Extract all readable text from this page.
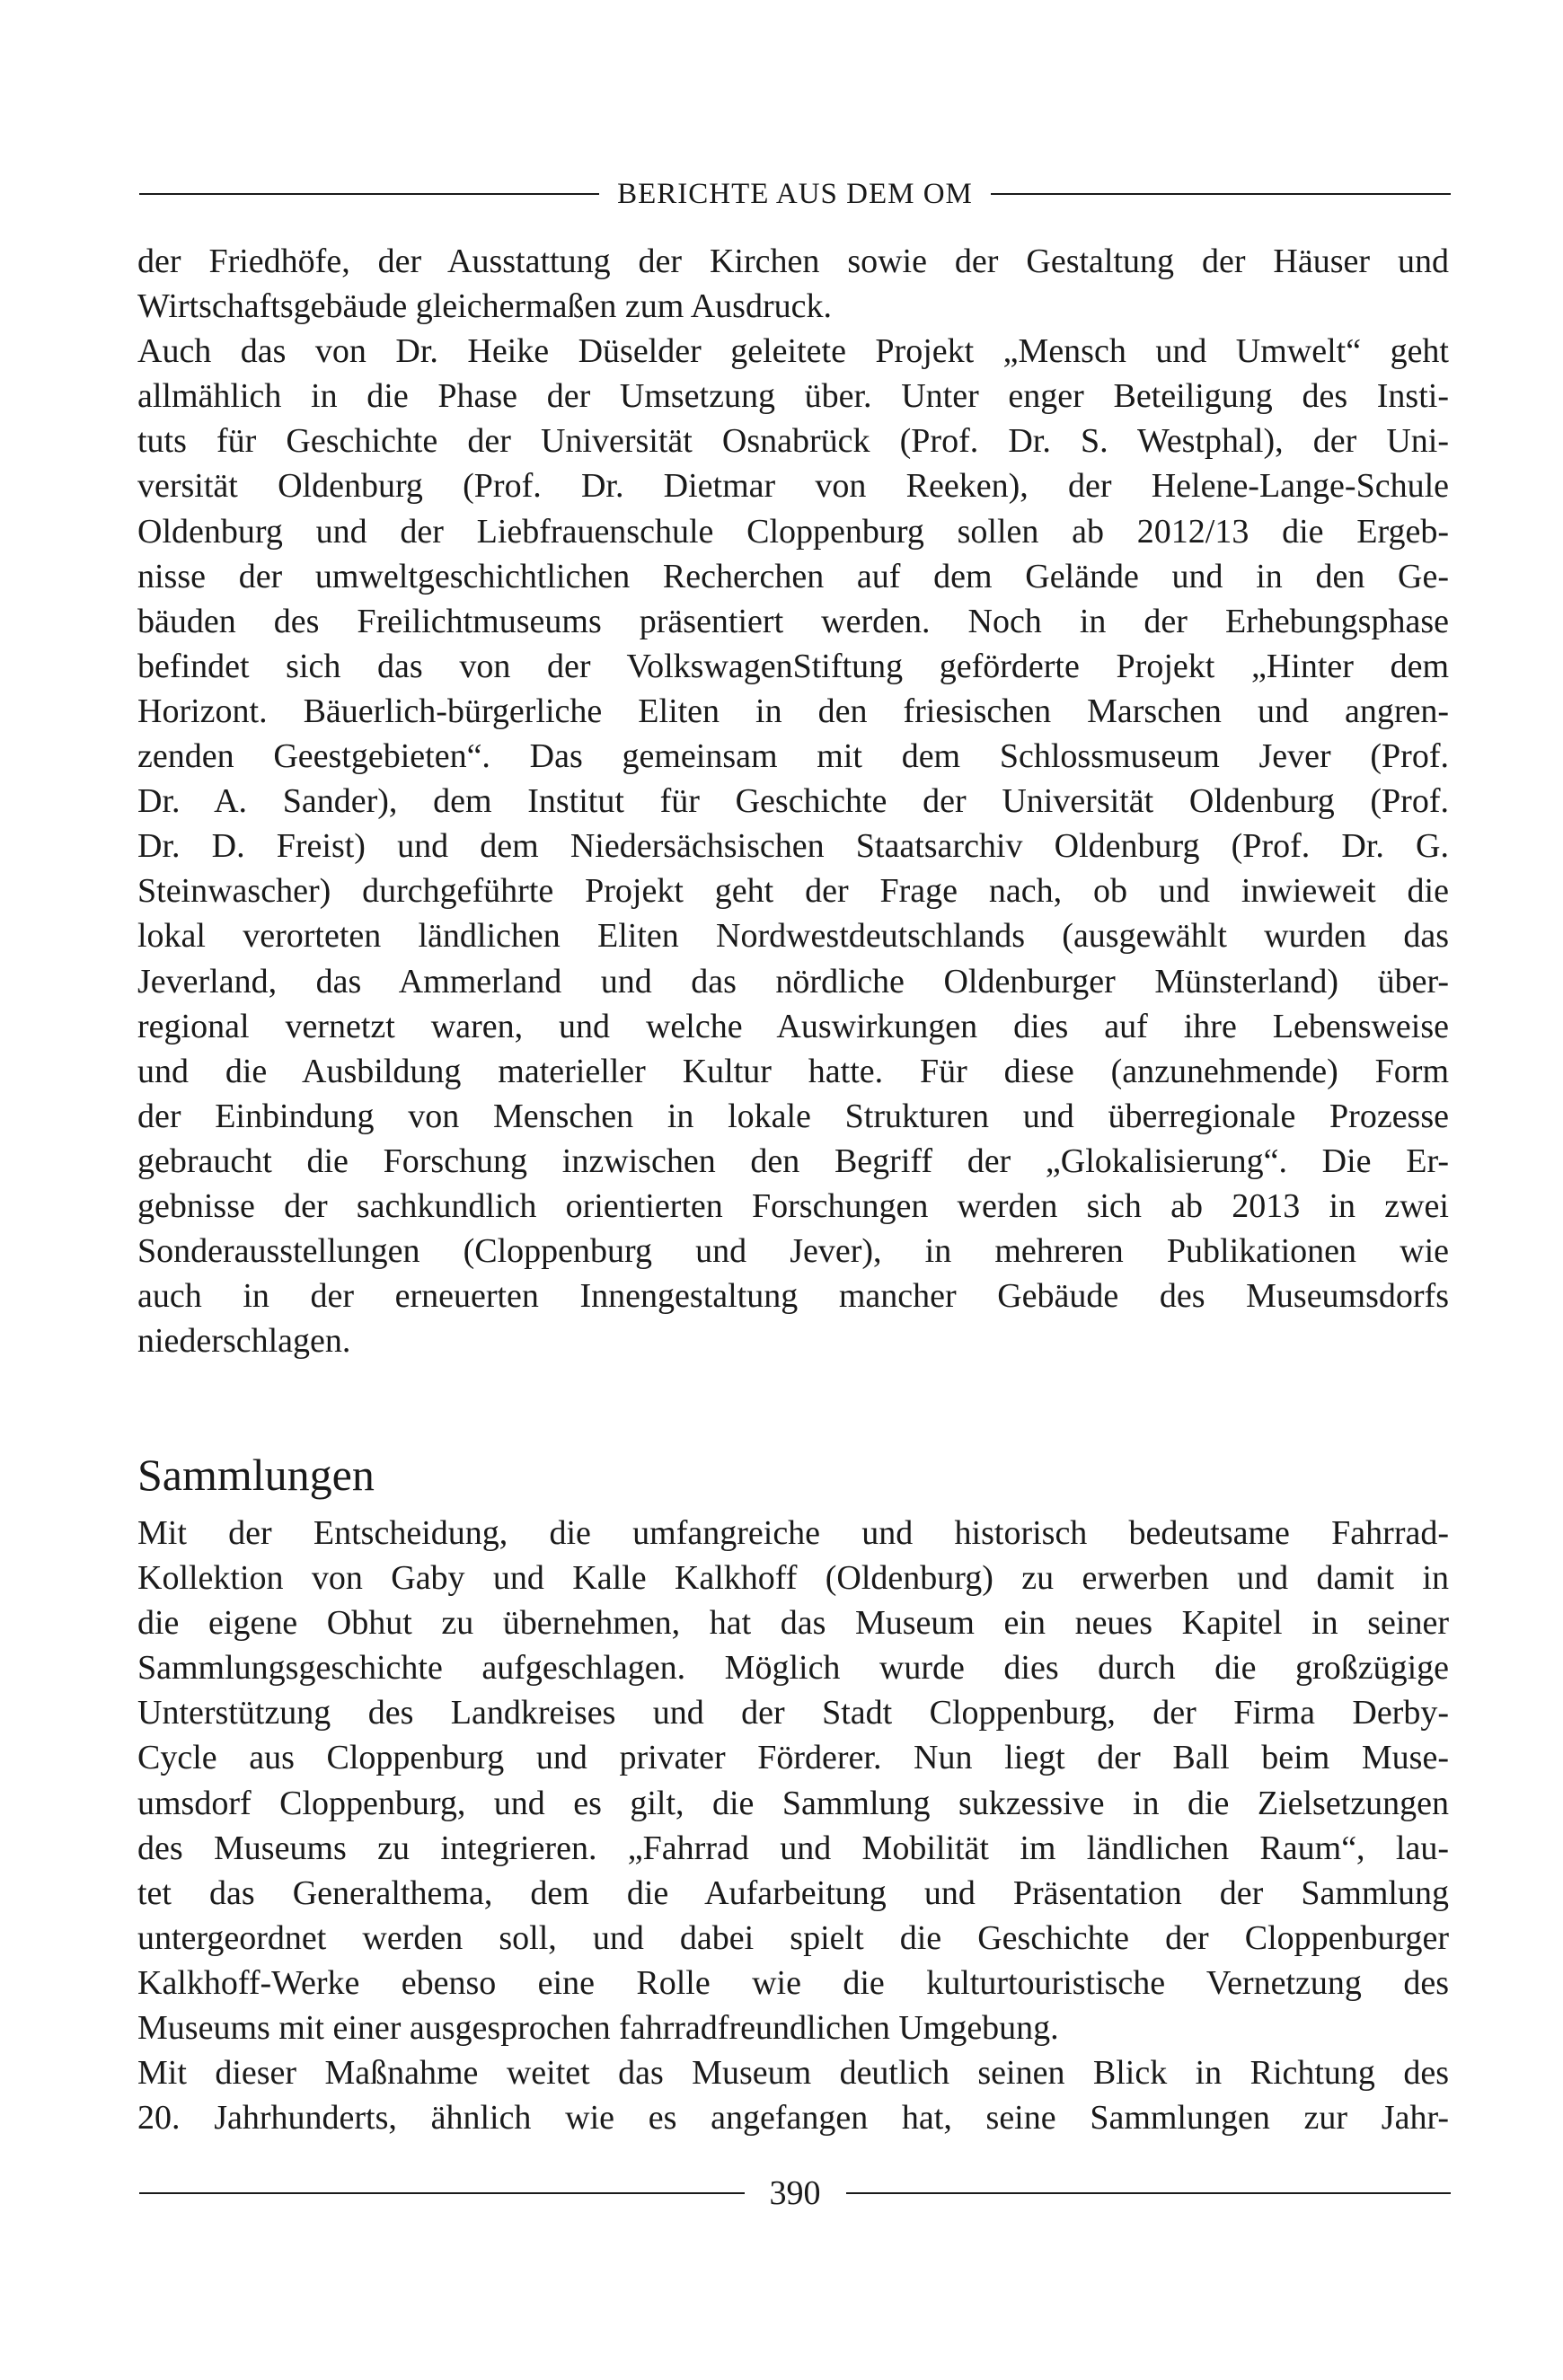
BERICHTE AUS DEM OM
der Friedhöfe, der Ausstattung der Kirchen sowie der Gestaltung der Häuser und
Wirtschaftsgebäude gleichermaßen zum Ausdruck.
Auch das von Dr. Heike Düselder geleitete Projekt „Mensch und Umwelt“ geht
allmählich in die Phase der Umsetzung über. Unter enger Beteiligung des Insti-
tuts für Geschichte der Universität Osnabrück (Prof. Dr. S. Westphal), der Uni-
versität Oldenburg (Prof. Dr. Dietmar von Reeken), der Helene-Lange-Schule
Oldenburg und der Liebfrauenschule Cloppenburg sollen ab 2012/13 die Ergeb-
nisse der umweltgeschichtlichen Recherchen auf dem Gelände und in den Ge-
bäuden des Freilichtmuseums präsentiert werden. Noch in der Erhebungsphase
befindet sich das von der VolkswagenStiftung geförderte Projekt „Hinter dem
Horizont. Bäuerlich-bürgerliche Eliten in den friesischen Marschen und angren-
zenden Geestgebieten“. Das gemeinsam mit dem Schlossmuseum Jever (Prof.
Dr. A. Sander), dem Institut für Geschichte der Universität Oldenburg (Prof.
Dr. D. Freist) und dem Niedersächsischen Staatsarchiv Oldenburg (Prof. Dr. G.
Steinwascher) durchgeführte Projekt geht der Frage nach, ob und inwieweit die
lokal verorteten ländlichen Eliten Nordwestdeutschlands (ausgewählt wurden das
Jeverland, das Ammerland und das nördliche Oldenburger Münsterland) über-
regional vernetzt waren, und welche Auswirkungen dies auf ihre Lebensweise
und die Ausbildung materieller Kultur hatte. Für diese (anzunehmende) Form
der Einbindung von Menschen in lokale Strukturen und überregionale Prozesse
gebraucht die Forschung inzwischen den Begriff der „Glokalisierung“. Die Er-
gebnisse der sachkundlich orientierten Forschungen werden sich ab 2013 in zwei
Sonderausstellungen (Cloppenburg und Jever), in mehreren Publikationen wie
auch in der erneuerten Innengestaltung mancher Gebäude des Museumsdorfs
niederschlagen.
Sammlungen
Mit der Entscheidung, die umfangreiche und historisch bedeutsame Fahrrad-
Kollektion von Gaby und Kalle Kalkhoff (Oldenburg) zu erwerben und damit in
die eigene Obhut zu übernehmen, hat das Museum ein neues Kapitel in seiner
Sammlungsgeschichte aufgeschlagen. Möglich wurde dies durch die großzügige
Unterstützung des Landkreises und der Stadt Cloppenburg, der Firma Derby-
Cycle aus Cloppenburg und privater Förderer. Nun liegt der Ball beim Muse-
umsdorf Cloppenburg, und es gilt, die Sammlung sukzessive in die Zielsetzungen
des Museums zu integrieren. „Fahrrad und Mobilität im ländlichen Raum“, lau-
tet das Generalthema, dem die Aufarbeitung und Präsentation der Sammlung
untergeordnet werden soll, und dabei spielt die Geschichte der Cloppenburger
Kalkhoff-Werke ebenso eine Rolle wie die kulturtouristische Vernetzung des
Museums mit einer ausgesprochen fahrradfreundlichen Umgebung.
Mit dieser Maßnahme weitet das Museum deutlich seinen Blick in Richtung des
20. Jahrhunderts, ähnlich wie es angefangen hat, seine Sammlungen zur Jahr-
390
